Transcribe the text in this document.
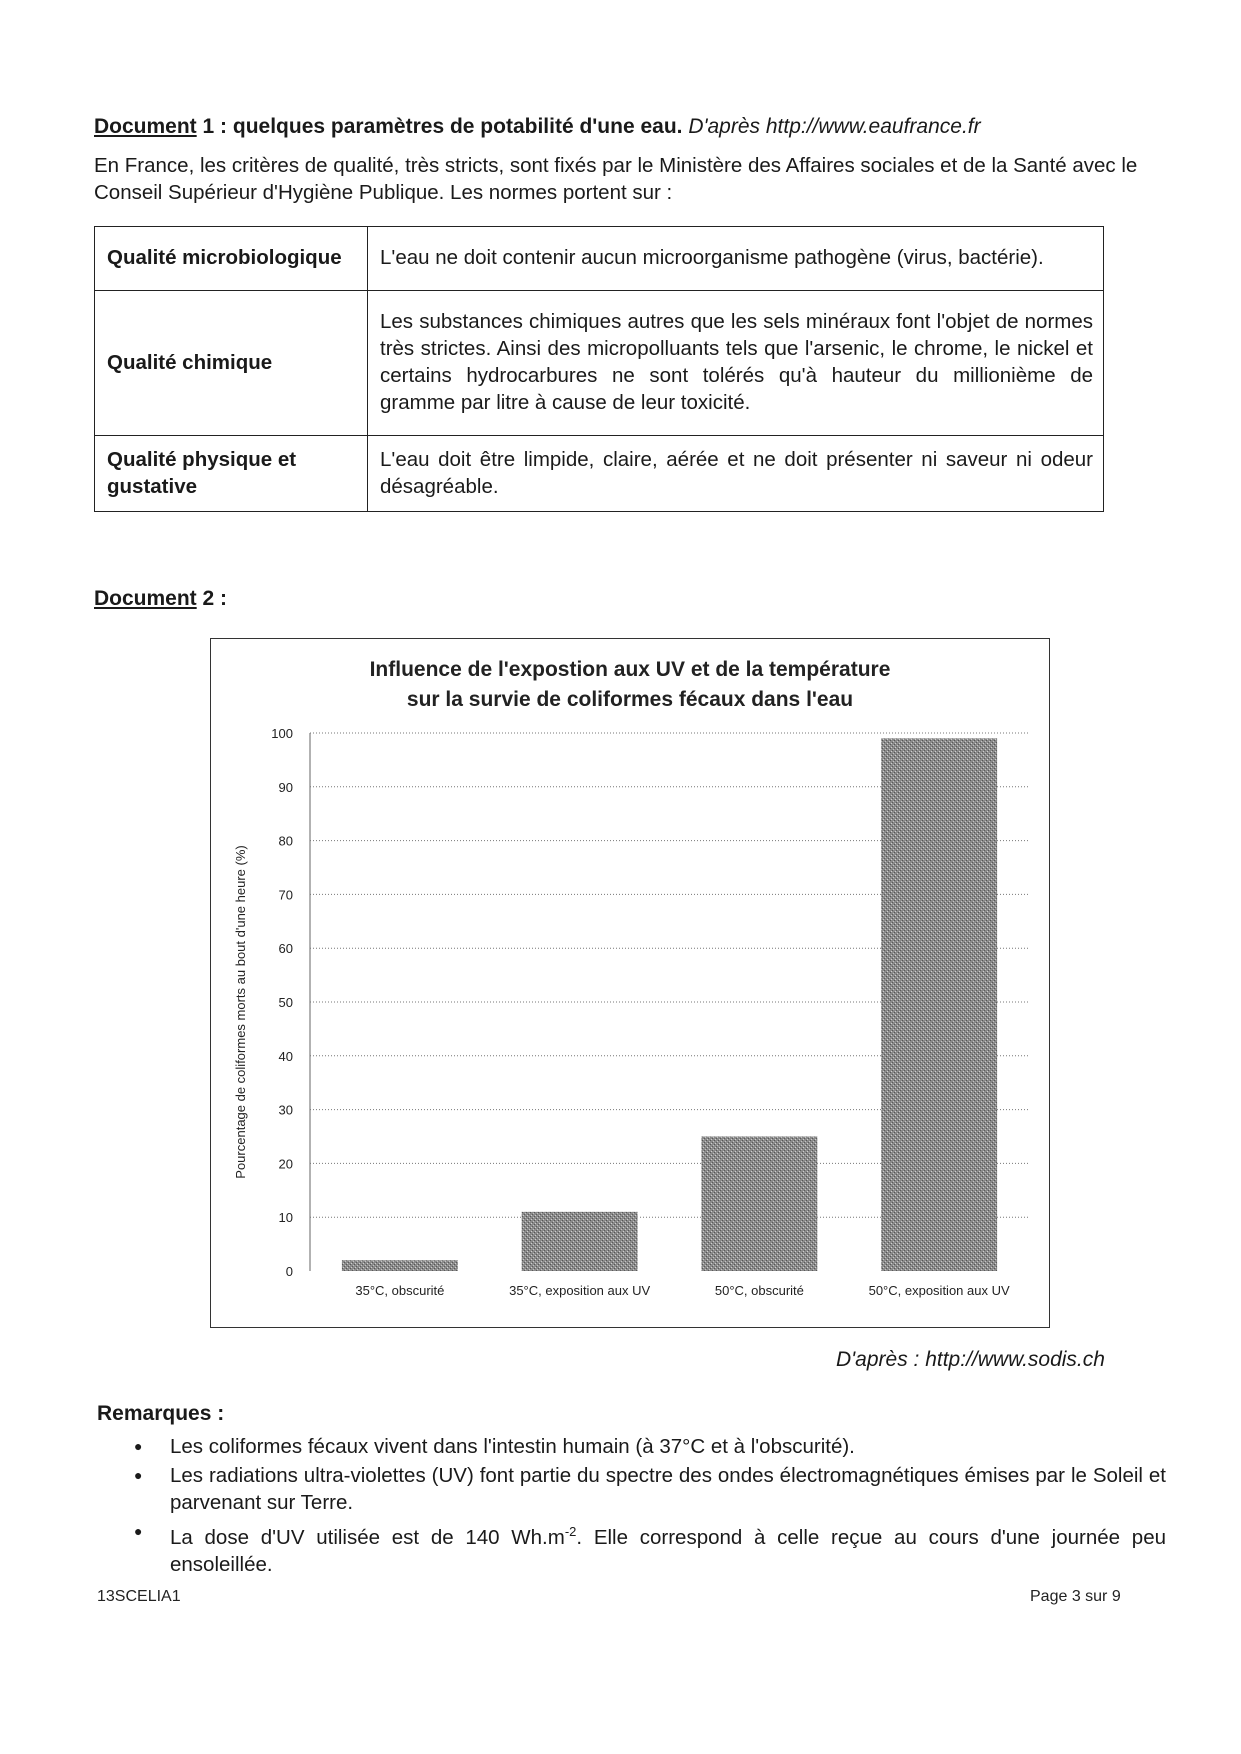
Document 1 : quelques paramètres de potabilité d'une eau. D'après http://www.eaufrance.fr
En France, les critères de qualité, très stricts, sont fixés par le Ministère des Affaires sociales et de la Santé avec le Conseil Supérieur d'Hygiène Publique. Les normes portent sur :
Qualité microbiologique	L'eau ne doit contenir aucun microorganisme pathogène (virus, bactérie).
Qualité chimique	Les substances chimiques autres que les sels minéraux font l'objet de normes très strictes. Ainsi des micropolluants tels que l'arsenic, le chrome, le nickel et certains hydrocarbures ne sont tolérés qu'à hauteur du millionième de gramme par litre à cause de leur toxicité.
Qualité physique et gustative	L'eau doit être limpide, claire, aérée et ne doit présenter ni saveur ni odeur désagréable.
Document 2 :
Influence de l'expostion aux UV et de la température
sur la survie de coliformes fécaux dans l'eau
0
10
20
30
40
50
60
70
80
90
100
35°C, obscurité	35°C, exposition aux UV	50°C, obscurité	50°C, exposition aux UV
Pourcentage de coliformes morts au bout d'une heure (%)
D'après : http://www.sodis.ch
Remarques :
● Les coliformes fécaux vivent dans l'intestin humain (à 37°C et à l'obscurité).
● Les radiations ultra-violettes (UV) font partie du spectre des ondes électromagnétiques émises par le Soleil et parvenant sur Terre.
● La dose d'UV utilisée est de 140 $Wh.m^{-2}$. Elle correspond à celle reçue au cours d'une journée peu ensoleillée.
13SCELIA1	Page 3 sur 9
